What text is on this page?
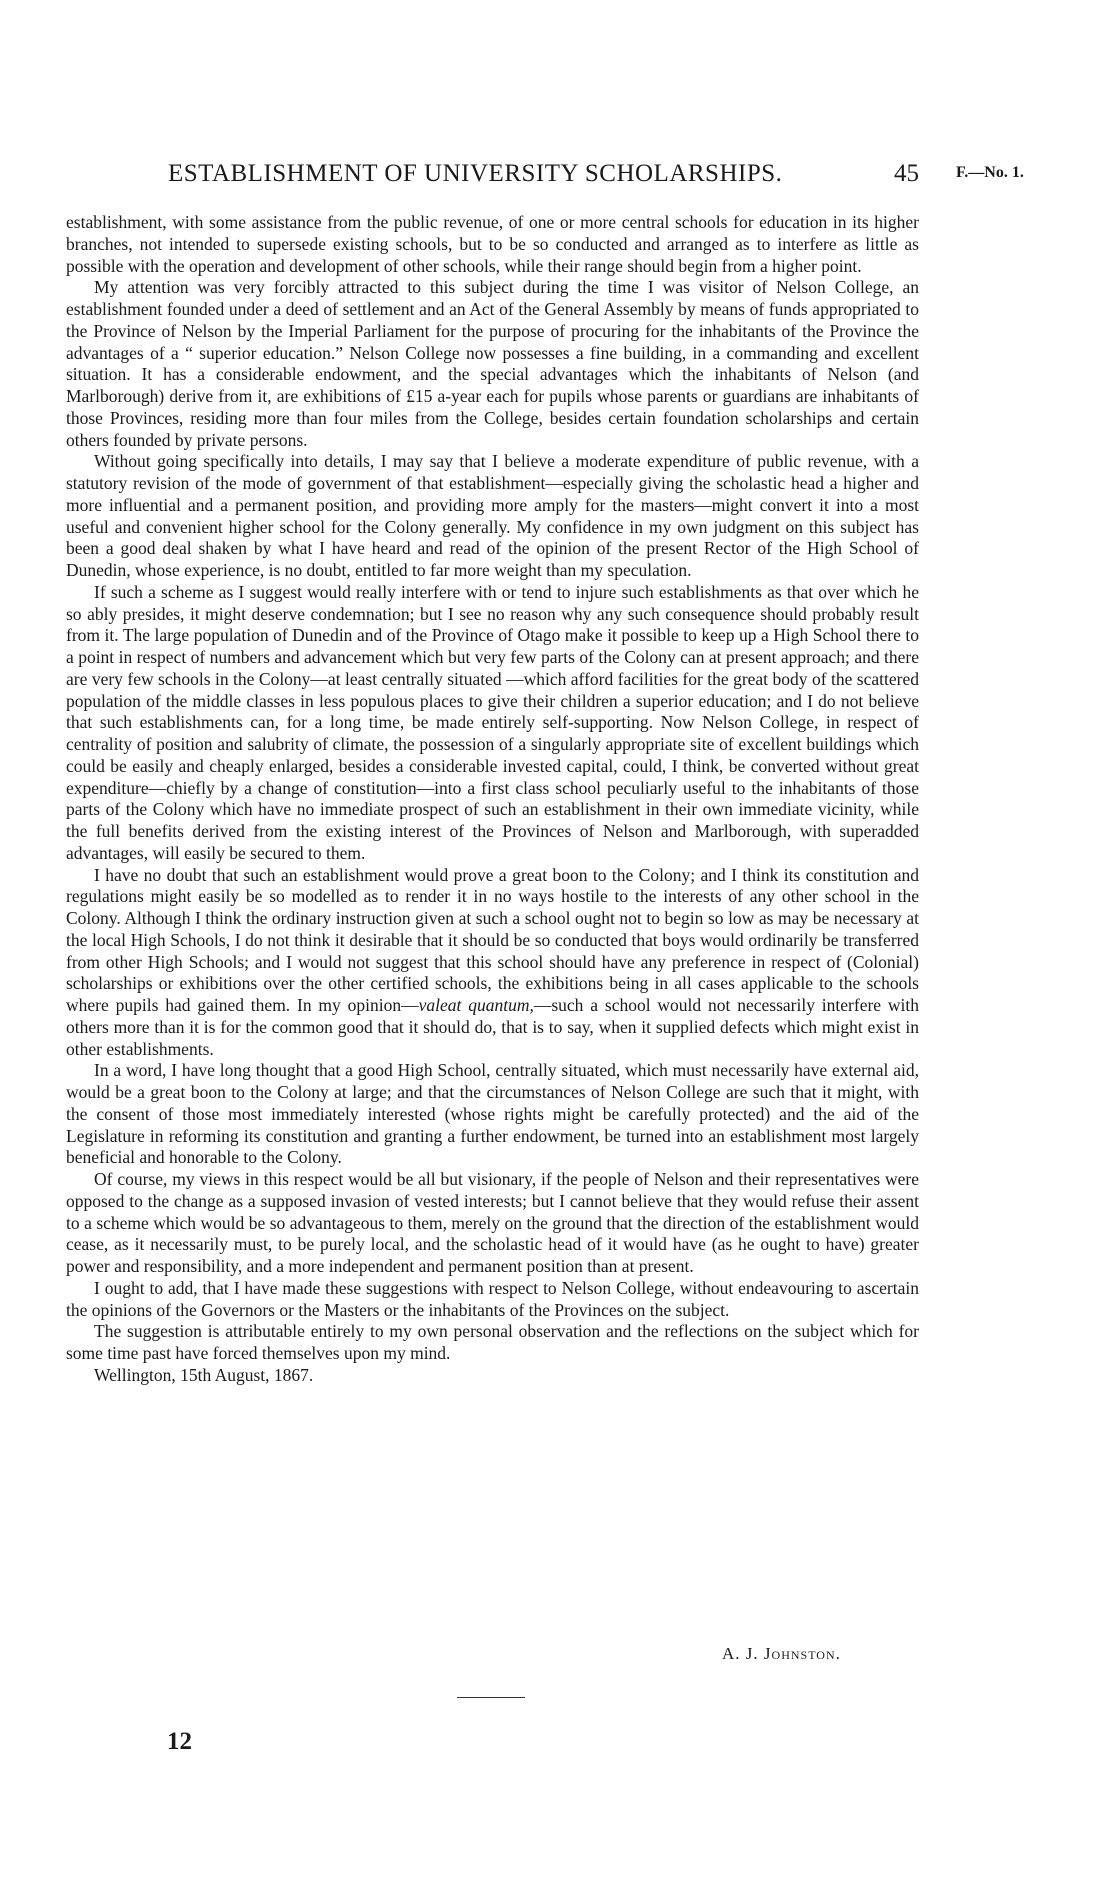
ESTABLISHMENT OF UNIVERSITY SCHOLARSHIPS.	45 F.—No. 1.

establishment, with some assistance from the public revenue, of one or more central schools for education in its higher branches, not intended to supersede existing schools, but to be so conducted and arranged as to interfere as little as possible with the operation and development of other schools, while their range should begin from a higher point.

My attention was very forcibly attracted to this subject during the time I was visitor of Nelson College, an establishment founded under a deed of settlement and an Act of the General Assembly by means of funds appropriated to the Province of Nelson by the Imperial Parliament for the purpose of procuring for the inhabitants of the Province the advantages of a “ superior education.” Nelson College now possesses a fine building, in a commanding and excellent situation. It has a considerable endowment, and the special advantages which the inhabitants of Nelson (and Marlborough) derive from it, are exhibitions of £15 a-year each for pupils whose parents or guardians are inhabitants of those Provinces, residing more than four miles from the College, besides certain foundation scholarships and certain others founded by private persons.

Without going specifically into details, I may say that I believe a moderate expenditure of public revenue, with a statutory revision of the mode of government of that establishment—especially giving the scholastic head a higher and more influential and a permanent position, and providing more amply for the masters—might convert it into a most useful and convenient higher school for the Colony generally. My confidence in my own judgment on this subject has been a good deal shaken by what I have heard and read of the opinion of the present Rector of the High School of Dunedin, whose experience, is no doubt, entitled to far more weight than my speculation.

If such a scheme as I suggest would really interfere with or tend to injure such establishments as that over which he so ably presides, it might deserve condemnation; but I see no reason why any such consequence should probably result from it. The large population of Dunedin and of the Province of Otago make it possible to keep up a High School there to a point in respect of numbers and advancement which but very few parts of the Colony can at present approach; and there are very few schools in the Colony—at least centrally situated —which afford facilities for the great body of the scattered population of the middle classes in less populous places to give their children a superior education; and I do not believe that such establishments can, for a long time, be made entirely self-supporting. Now Nelson College, in respect of centrality of position and salubrity of climate, the possession of a singularly appropriate site of excellent buildings which could be easily and cheaply enlarged, besides a considerable invested capital, could, I think, be converted without great expenditure—chiefly by a change of constitution—into a first class school peculiarly useful to the inhabitants of those parts of the Colony which have no immediate prospect of such an establishment in their own immediate vicinity, while the full benefits derived from the existing interest of the Provinces of Nelson and Marlborough, with superadded advantages, will easily be secured to them.

I have no doubt that such an establishment would prove a great boon to the Colony; and I think its constitution and regulations might easily be so modelled as to render it in no ways hostile to the interests of any other school in the Colony. Although I think the ordinary instruction given at such a school ought not to begin so low as may be necessary at the local High Schools, I do not think it desirable that it should be so conducted that boys would ordinarily be transferred from other High Schools; and I would not suggest that this school should have any preference in respect of (Colonial) scholarships or exhibitions over the other certified schools, the exhibitions being in all cases applicable to the schools where pupils had gained them. In my opinion—valeat quantum,—such a school would not necessarily interfere with others more than it is for the common good that it should do, that is to say, when it supplied defects which might exist in other establishments.

In a word, I have long thought that a good High School, centrally situated, which must necessarily have external aid, would be a great boon to the Colony at large; and that the circumstances of Nelson College are such that it might, with the consent of those most immediately interested (whose rights might be carefully protected) and the aid of the Legislature in reforming its constitution and granting a further endowment, be turned into an establishment most largely beneficial and honorable to the Colony.

Of course, my views in this respect would be all but visionary, if the people of Nelson and their representatives were opposed to the change as a supposed invasion of vested interests; but I cannot believe that they would refuse their assent to a scheme which would be so advantageous to them, merely on the ground that the direction of the establishment would cease, as it necessarily must, to be purely local, and the scholastic head of it would have (as he ought to have) greater power and responsibility, and a more independent and permanent position than at present.

I ought to add, that I have made these suggestions with respect to Nelson College, without endeavouring to ascertain the opinions of the Governors or the Masters or the inhabitants of the Provinces on the subject.

The suggestion is attributable entirely to my own personal observation and the reflections on the subject which for some time past have forced themselves upon my mind.

Wellington, 15th August, 1867.

A. J. Johnston.
12
